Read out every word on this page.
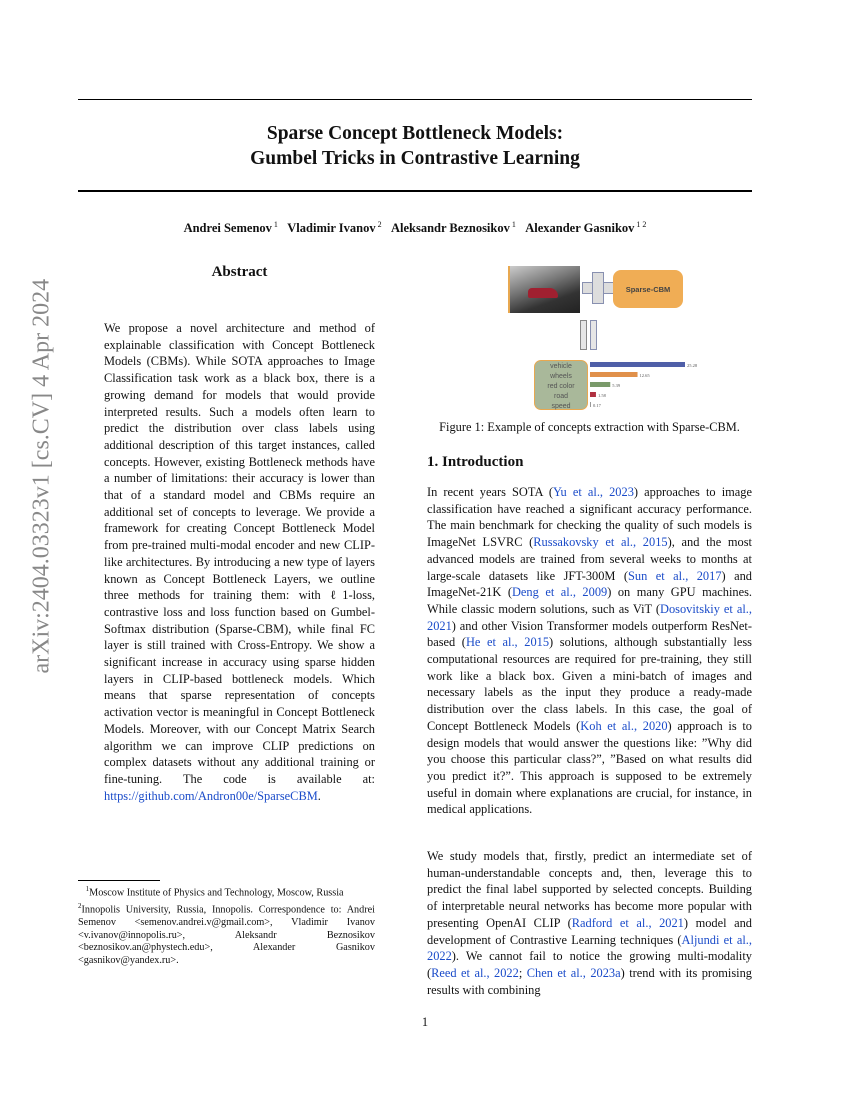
Sparse Concept Bottleneck Models:
Gumbel Tricks in Contrastive Learning
Andrei Semenov $^1$ Vladimir Ivanov $^2$ Aleksandr Beznosikov $^1$ Alexander Gasnikov $^{1 2}$
arXiv:2404.03323v1 [cs.CV] 4 Apr 2024
Abstract
We propose a novel architecture and method of explainable classification with Concept Bottleneck Models (CBMs). While SOTA approaches to Image Classification task work as a black box, there is a growing demand for models that would provide interpreted results. Such a models often learn to predict the distribution over class labels using additional description of this target instances, called concepts. However, existing Bottleneck methods have a number of limitations: their accuracy is lower than that of a standard model and CBMs require an additional set of concepts to leverage. We provide a framework for creating Concept Bottleneck Model from pre-trained multi-modal encoder and new CLIP-like architectures. By introducing a new type of layers known as Concept Bottleneck Layers, we outline three methods for training them: with ℓ1-loss, contrastive loss and loss function based on Gumbel-Softmax distribution (Sparse-CBM), while final FC layer is still trained with Cross-Entropy. We show a significant increase in accuracy using sparse hidden layers in CLIP-based bottleneck models. Which means that sparse representation of concepts activation vector is meaningful in Concept Bottleneck Models. Moreover, with our Concept Matrix Search algorithm we can improve CLIP predictions on complex datasets without any additional training or fine-tuning. The code is available at: https://github.com/Andron00e/SparseCBM.
$^1$Moscow Institute of Physics and Technology, Moscow, Russia
$^2$Innopolis University, Russia, Innopolis. Correspondence to: Andrei Semenov <semenov.andrei.v@gmail.com>, Vladimir Ivanov <v.ivanov@innopolis.ru>, Aleksandr Beznosikov <beznosikov.an@phystech.edu>, Alexander Gasnikov <gasnikov@yandex.ru>.
Sparse-CBM
vehicle
wheels
red color
road
speed
25.28
12.65
5.39
1.58
0.17
Figure 1: Example of concepts extraction with Sparse-CBM.
1. Introduction
In recent years SOTA (Yu et al., 2023) approaches to image classification have reached a significant accuracy performance. The main benchmark for checking the quality of such models is ImageNet LSVRC (Russakovsky et al., 2015), and the most advanced models are trained from several weeks to months at large-scale datasets like JFT-300M (Sun et al., 2017) and ImageNet-21K (Deng et al., 2009) on many GPU machines. While classic modern solutions, such as ViT (Dosovitskiy et al., 2021) and other Vision Transformer models outperform ResNet-based (He et al., 2015) solutions, although substantially less computational resources are required for pre-training, they still work like a black box. Given a mini-batch of images and necessary labels as the input they produce a ready-made distribution over the class labels. In this case, the goal of Concept Bottleneck Models (Koh et al., 2020) approach is to design models that would answer the questions like: ”Why did you choose this particular class?”, ”Based on what results did you predict it?”. This approach is supposed to be extremely useful in domain where explanations are crucial, for instance, in medical applications.
We study models that, firstly, predict an intermediate set of human-understandable concepts and, then, leverage this to predict the final label supported by selected concepts. Building of interpretable neural networks has become more popular with presenting OpenAI CLIP (Radford et al., 2021) model and development of Contrastive Learning techniques (Aljundi et al., 2022). We cannot fail to notice the growing multi-modality (Reed et al., 2022; Chen et al., 2023a) trend with its promising results with combining
1
